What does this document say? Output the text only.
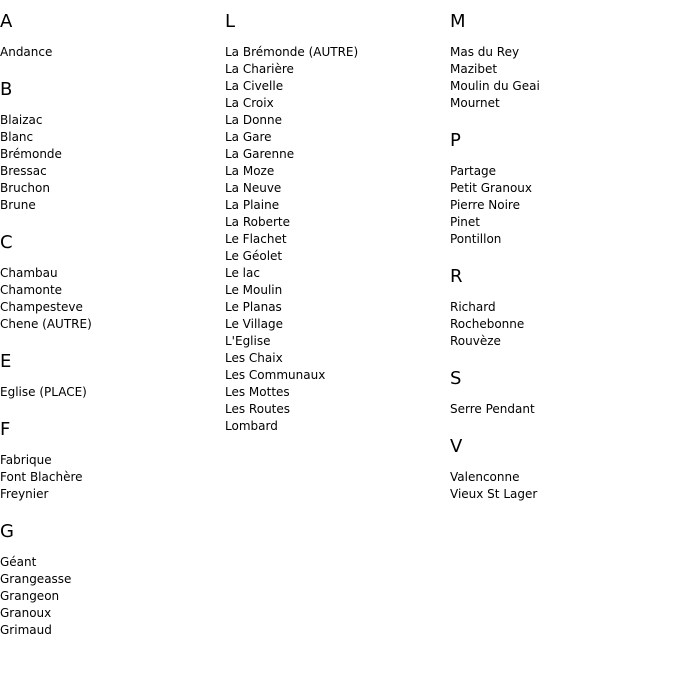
A
Andance
B
Blaizac
Blanc
Brémonde
Bressac
Bruchon
Brune
C
Chambau
Chamonte
Champesteve
Chene (AUTRE)
E
Eglise (PLACE)
F
Fabrique
Font Blachère
Freynier
G
Géant
Grangeasse
Grangeon
Granoux
Grimaud
L
La Brémonde (AUTRE)
La Charière
La Civelle
La Croix
La Donne
La Gare
La Garenne
La Moze
La Neuve
La Plaine
La Roberte
Le Flachet
Le Géolet
Le lac
Le Moulin
Le Planas
Le Village
L'Eglise
Les Chaix
Les Communaux
Les Mottes
Les Routes
Lombard
M
Mas du Rey
Mazibet
Moulin du Geai
Mournet
P
Partage
Petit Granoux
Pierre Noire
Pinet
Pontillon
R
Richard
Rochebonne
Rouvèze
S
Serre Pendant
V
Valenconne
Vieux St Lager
